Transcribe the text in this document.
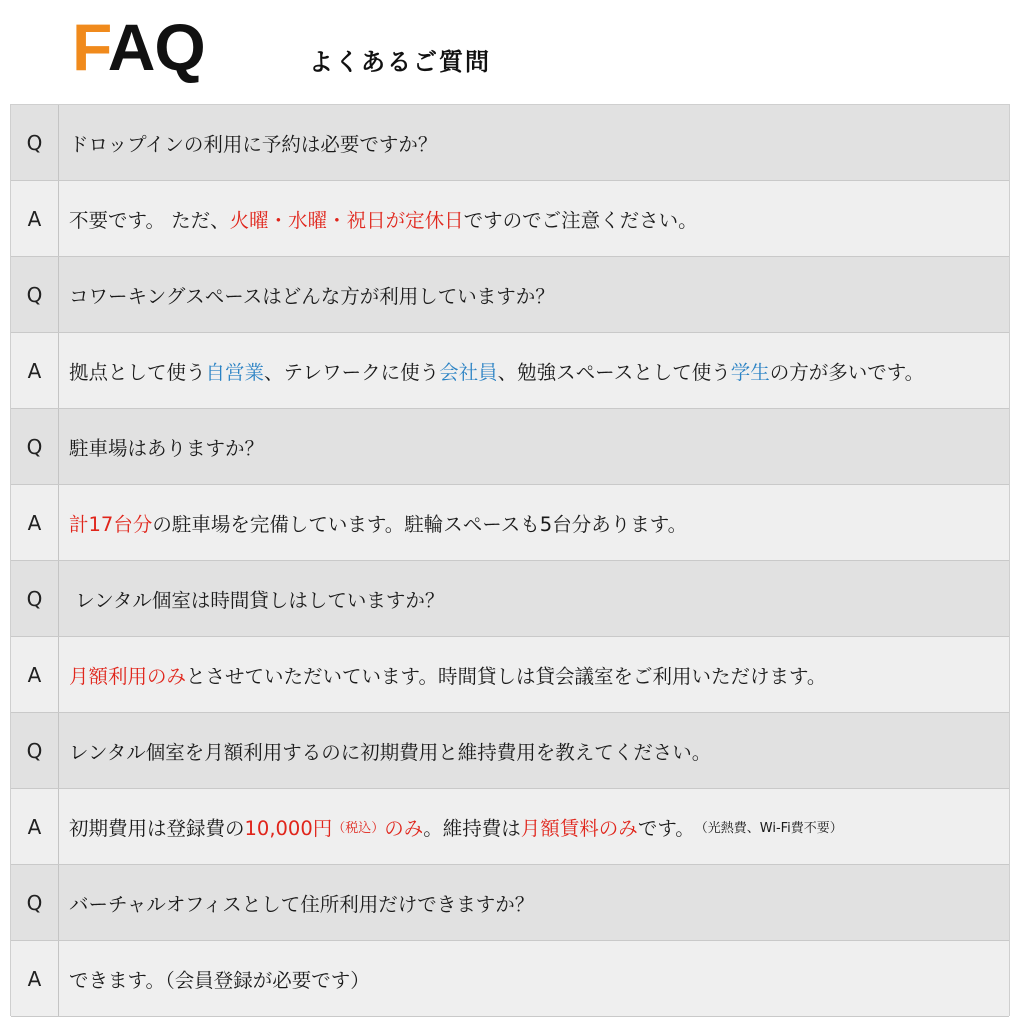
FAQ	よくあるご質問
Q	ドロップインの利用に予約は必要ですか？
A	不要です。 ただ、 火曜・水曜・祝日が定休日 ですのでご注意ください。
Q	コワーキングスペースはどんな方が利用していますか？
A	拠点として使う 自営業 、テレワークに使う 会社員 、勉強スペースとして使う 学生 の方が多いです。
Q	駐車場はありますか？
A	計17台分 の駐車場を完備しています。駐輪スペースも5台分あります。
Q	レンタル個室は時間貸しはしていますか？
A	月額利用のみ とさせていただいています。時間貸しは貸会議室をご利用いただけます。
Q	レンタル個室を月額利用するのに初期費用と維持費用を教えてください。
A	初期費用は登録費の 10,000円 （税込） のみ 。維持費は 月額賃料のみ です。 （光熱費、Wi-Fi費不要）
Q	バーチャルオフィスとして住所利用だけできますか？
A	できます。（会員登録が必要です）
